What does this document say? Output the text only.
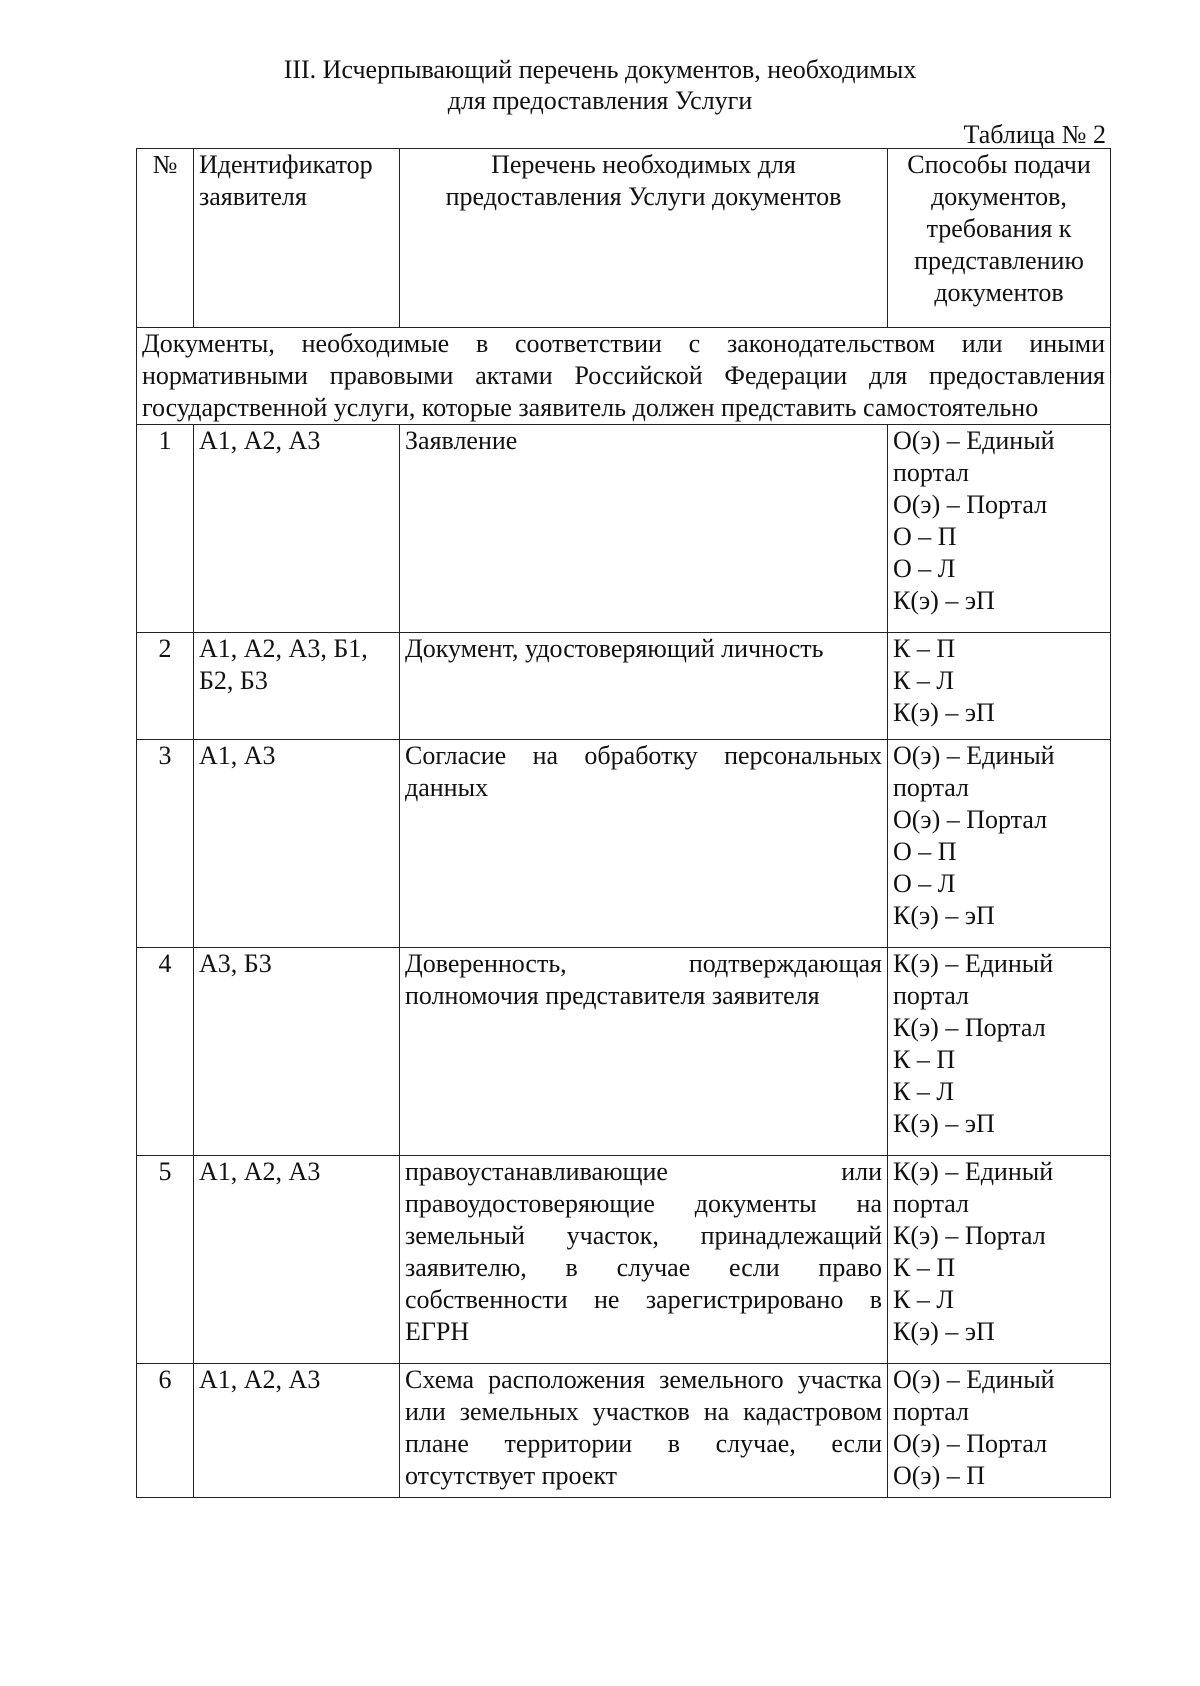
III. Исчерпывающий перечень документов, необходимых
для предоставления Услуги
Таблица № 2
№	Идентификатор заявителя	Перечень необходимых для предоставления Услуги документов	Способы подачи документов, требования к представлению документов
Документы, необходимые в соответствии с законодательством или иными нормативными правовыми актами Российской Федерации для предоставления государственной услуги, которые заявитель должен представить самостоятельно			
1	А1, А2, А3	Заявление	О(э) – Единый портал
О(э) – Портал
О – П
О – Л
К(э) – эП

2	А1, А2, А3, Б1, Б2, Б3	Документ, удостоверяющий личность	К – П
К – Л
К(э) – эП

3	А1, А3	Согласие на обработку персональных данных	О(э) – Единый портал
О(э) – Портал
О – П
О – Л
К(э) – эП

4	А3, Б3	Доверенность, подтверждающая полномочия представителя заявителя	К(э) – Единый портал
К(э) – Портал
К – П
К – Л
К(э) – эП

5	А1, А2, А3	правоустанавливающие или правоудостоверяющие документы на земельный участок, принадлежащий заявителю, в случае если право собственности не зарегистрировано в ЕГРН	К(э) – Единый портал
К(э) – Портал
К – П
К – Л
К(э) – эП

6	А1, А2, А3	Схема расположения земельного участка или земельных участков на кадастровом плане территории в случае, если отсутствует проект	О(э) – Единый портал
О(э) – Портал
О(э) – П
